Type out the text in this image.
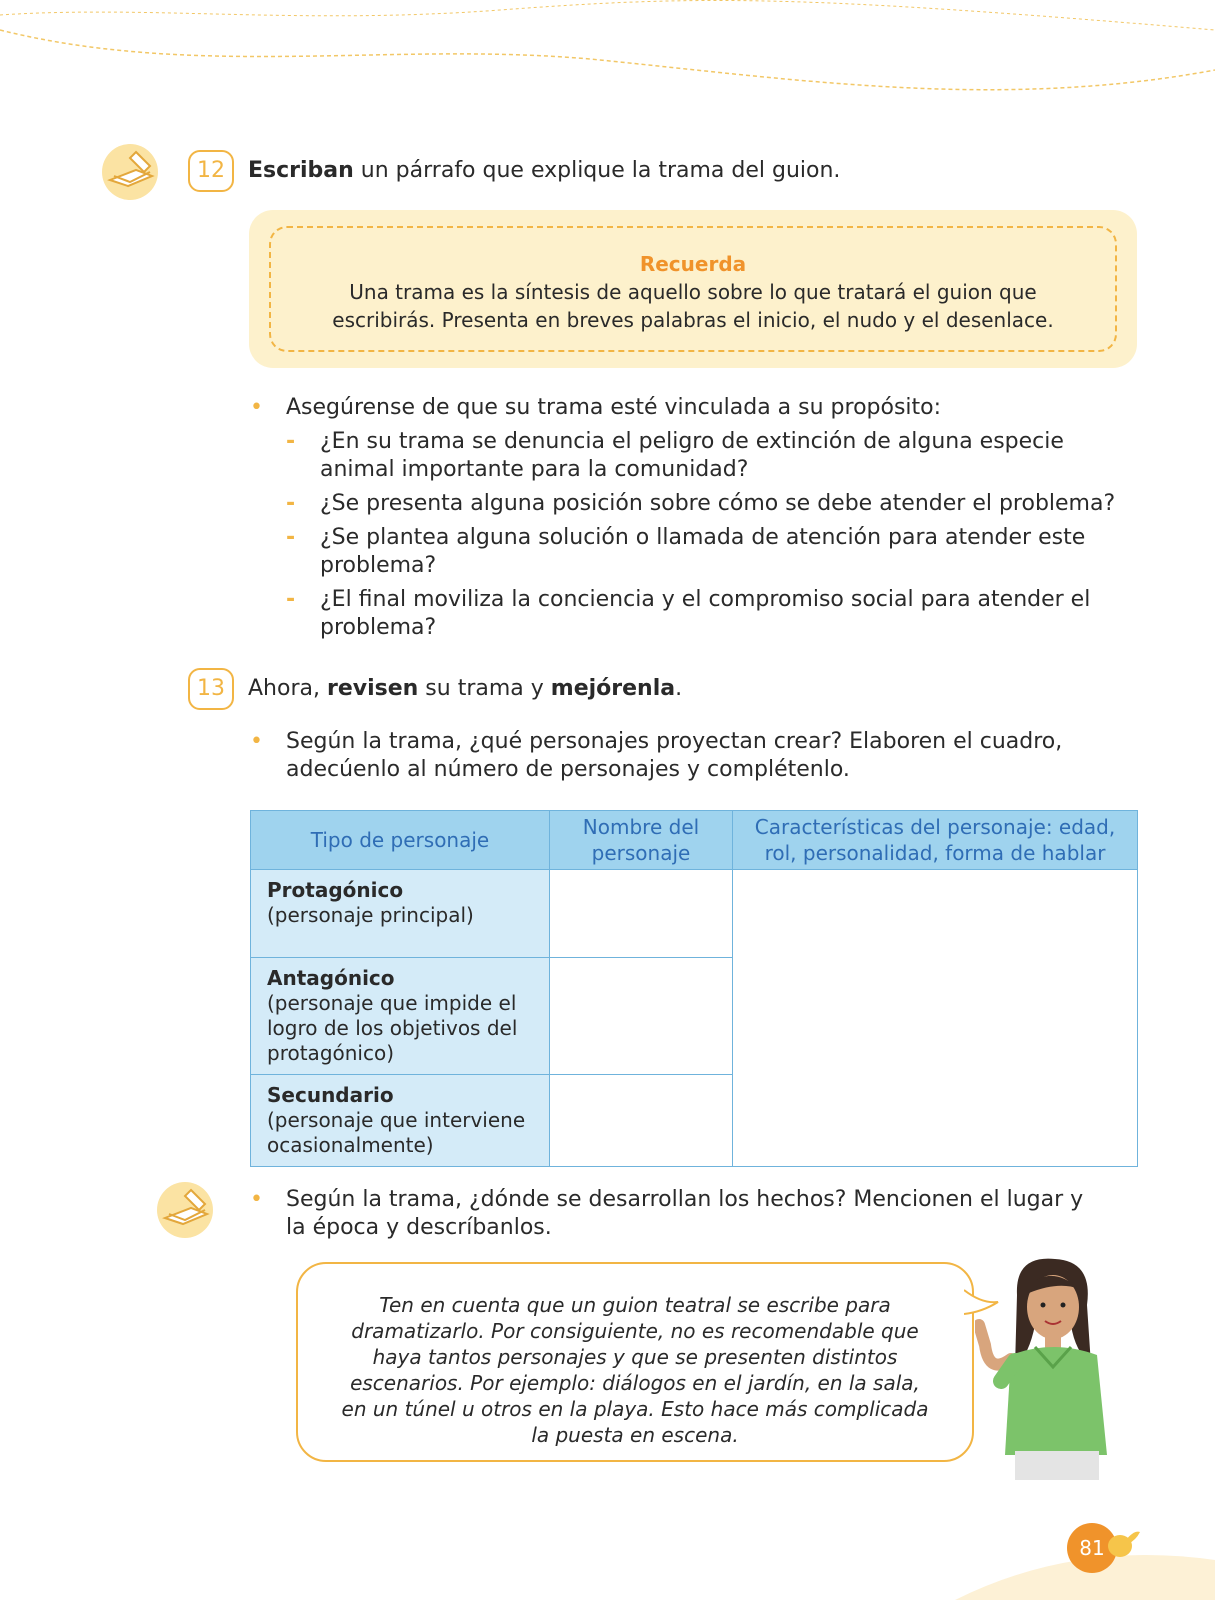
12	Escriban un párrafo que explique la trama del guion.
Recuerda
Una trama es la síntesis de aquello sobre lo que tratará el guion que escribirás. Presenta en breves palabras el inicio, el nudo y el desenlace.
• Asegúrense de que su trama esté vinculada a su propósito:
- ¿En su trama se denuncia el peligro de extinción de alguna especie animal importante para la comunidad?
- ¿Se presenta alguna posición sobre cómo se debe atender el problema?
- ¿Se plantea alguna solución o llamada de atención para atender este problema?
- ¿El final moviliza la conciencia y el compromiso social para atender el problema?
13	Ahora, revisen su trama y mejórenla.
• Según la trama, ¿qué personajes proyectan crear? Elaboren el cuadro, adecúenlo al número de personajes y complétenlo.
Tipo de personaje	Nombre del personaje	Características del personaje: edad, rol, personalidad, forma de hablar
Protagónico
(personaje principal)		
Antagónico
(personaje que impide el logro de los objetivos del protagónico)		
Secundario
(personaje que interviene ocasionalmente)		
• Según la trama, ¿dónde se desarrollan los hechos? Mencionen el lugar y la época y descríbanlos.
Ten en cuenta que un guion teatral se escribe para dramatizarlo. Por consiguiente, no es recomendable que haya tantos personajes y que se presenten distintos escenarios. Por ejemplo: diálogos en el jardín, en la sala, en un túnel u otros en la playa. Esto hace más complicada la puesta en escena.
81
